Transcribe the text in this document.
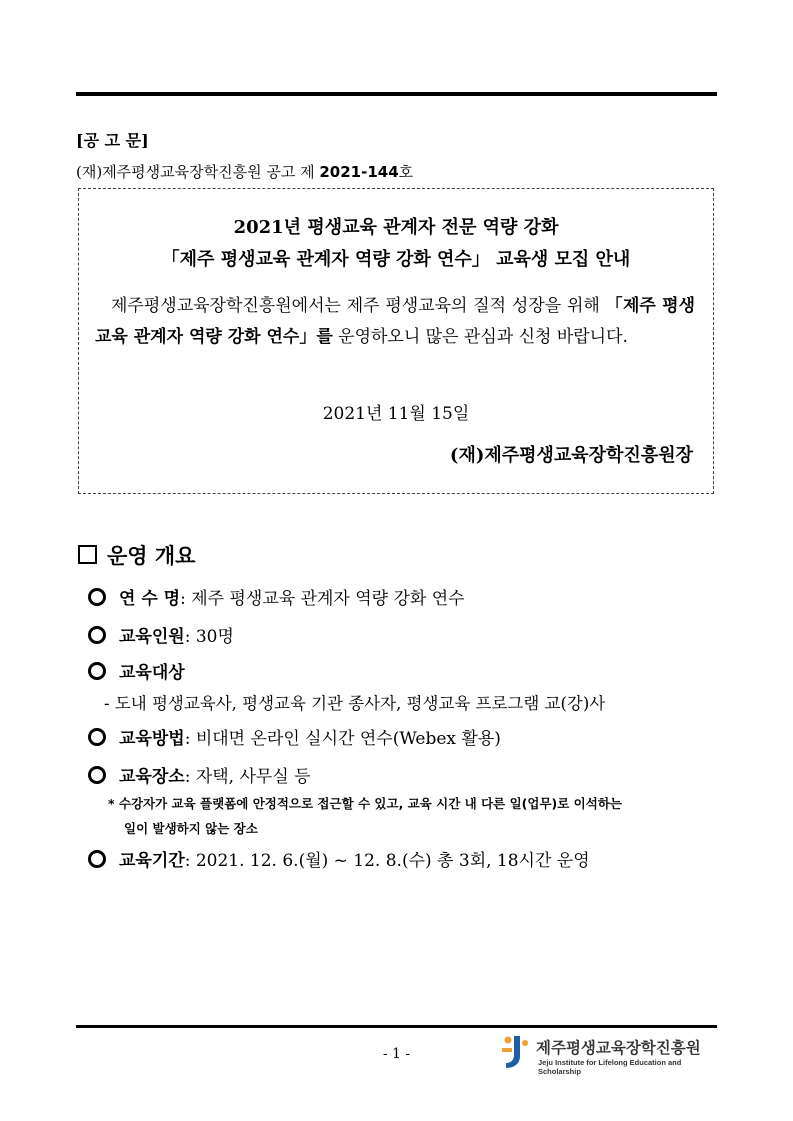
[공 고 문]
(재)제주평생교육장학진흥원 공고 제 2021-144호
2021년 평생교육 관계자 전문 역량 강화
「제주 평생교육 관계자 역량 강화 연수」 교육생 모집 안내
제주평생교육장학진흥원에서는 제주 평생교육의 질적 성장을 위해 「제주 평생교육 관계자 역량 강화 연수」를 운영하오니 많은 관심과 신청 바랍니다.
2021년 11월 15일
(재)제주평생교육장학진흥원장
운영 개요
연 수 명: 제주 평생교육 관계자 역량 강화 연수
교육인원: 30명
교육대상
- 도내 평생교육사, 평생교육 기관 종사자, 평생교육 프로그램 교(강)사
교육방법: 비대면 온라인 실시간 연수(Webex 활용)
교육장소: 자택, 사무실 등
* 수강자가 교육 플랫폼에 안정적으로 접근할 수 있고, 교육 시간 내 다른 일(업무)로 이석하는
일이 발생하지 않는 장소
교육기간: 2021. 12. 6.(월) ~ 12. 8.(수) 총 3회, 18시간 운영
- 1 -	제주평생교육장학진흥원
Jeju Institute for Lifelong Education and Scholarship
